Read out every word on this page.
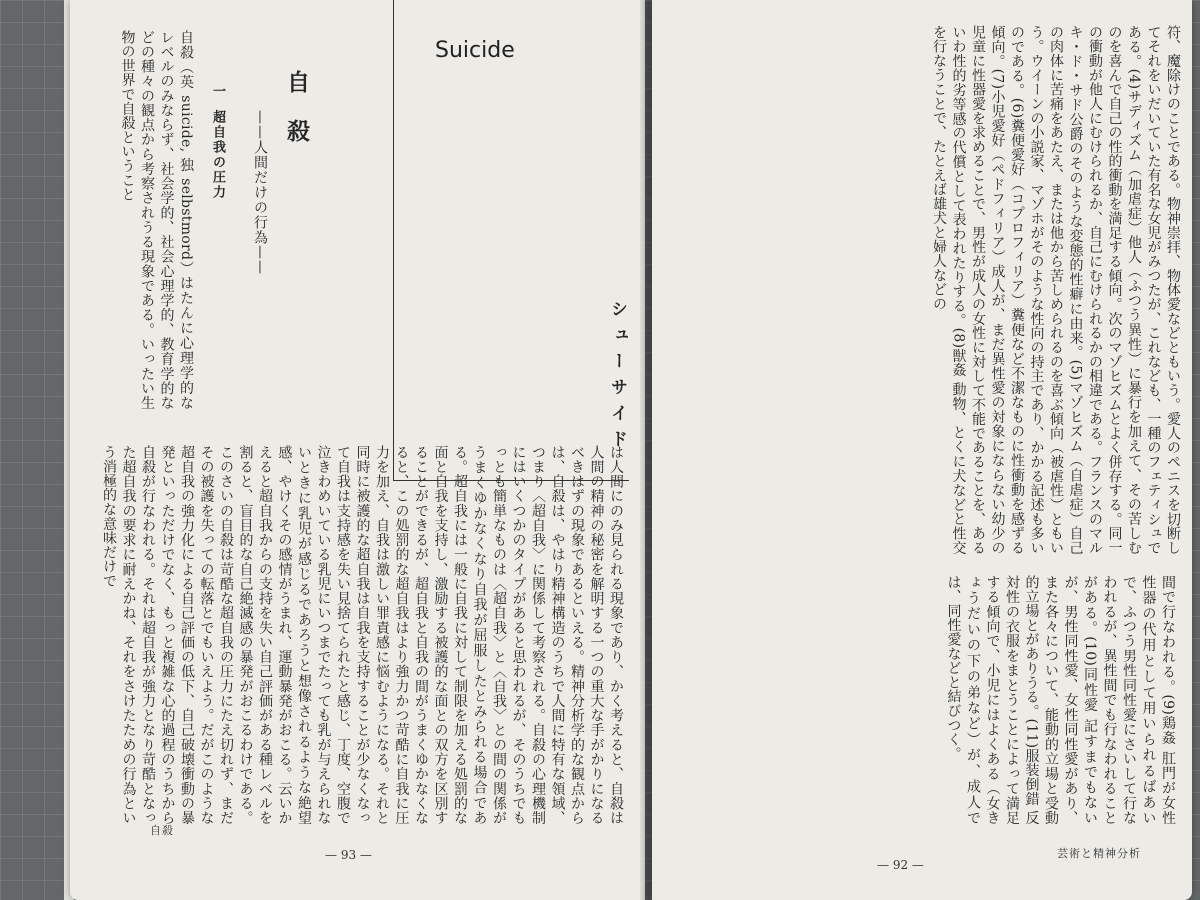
Suicide

自殺
——人間だけの行為——
シューサイド
一
超自我の圧力
自殺（英 suicide, 独 selbstmord）はたんに心理学的なレベルのみならず、社会学的、社会心理学的、教育学的などの種々の観点から考察されうる現象である。いったい生物の世界で自殺ということ
は人間にのみ見られる現象であり、かく考えると、自殺は人間の精神の秘密を解明する一つの重大な手がかりになるべきはずの現象であるといえる。精神分析学的な観点からは、自殺は、やはり精神構造のうちで人間に特有な領域、つまり〈超自我〉に関係して考察される。自殺の心理機制にはいくつかのタイプがあると思われるが、そのうちでもっとも簡単なものは〈超自我〉と〈自我〉との間の関係がうまくゆかなくなり自我が屈服したとみられる場合である。超自我には一般に自我に対して制限を加える処罰的な面と自我を支持し、激励する被護的な面との双方を区別することができるが、超自我と自我の間がうまくゆかなくなると、この処罰的な超自我はより強力かつ苛酷に自我に圧力を加え、自我は激しい罪責感に悩むようになる。それと同時に被護的な超自我は自我を支持することが少なくなって自我は支持感を失い見捨てられたと感じ、丁度、空腹で泣きわめいている乳児にいつまでたっても乳が与えられないときに乳児が感じるであろうと想像されるような絶望感、やけくその感情がうまれ、運動暴発がおこる。云いかえると超自我からの支持を失い自己評価がある種レベルを割ると、盲目的な自己絶滅感の暴発がおこるわけである。このさいの自殺は苛酷な超自我の圧力にたえ切れず、まだその被護を失っての転落とでもいえよう。だがこのような超自我の強力化による自己評価の低下、自己破壊衝動の暴発といっただけでなく、もっと複雑な心的過程のうちから自殺が行なわれる。それは超自我が強力となり苛酷となった超自我の要求に耐えかね、それをさけたための行為という消極的な意味だけで
自殺
— 93 —
符、魔除けのことである。物神崇拝、物体愛などともいう。愛人のペニスを切断してそれをいだいていた有名な女児がみつたが、これなども、一種のフェティシュである。(4)サディズム（加虐症）他人（ふつう異性）に暴行を加えて、その苦しむのを喜んで自己の性的衝動を満足する傾向。次のマゾヒズムとよく併存する。同一の衝動が他人にむけられるか、自己にむけられるかの相違である。フランスのマルキ・ド・サド公爵のそのような変態的性癖に由来。(5)マゾヒズム（自虐症）自己の肉体に苦痛をあたえ、または他から苦しめられるのを喜ぶ傾向（被虐性）ともいう。ウイーンの小説家、マゾホがそのような性向の持主であり、かかる記述も多いのである。(6)糞便愛好（コプロフィリア）糞便など不潔なものに性衝動を感ずる傾向。(7)小児愛好（ペドフィリア）成人が、まだ異性愛の対象にならない幼少の児童に性器愛を求めることで、男性が成人の女性に対して不能であることを、あるいわ性的劣等感の代償として表われたりする。(8)獣姦 動物、とくに犬などと性交を行なうことで、たとえば雄犬と婦人などの
間で行なわれる。(9)鶏姦 肛門が女性性器の代用として用いられるばあいで、ふつう男性同性愛にさいして行なわれるが、異性間でも行なわれることがある。(10)同性愛 記すまでもないが、男性同性愛、女性同性愛があり、また各々について、能動的立場と受動的立場とがありうる。(11)服装倒錯 反対性の衣服をまとうことによって満足する傾向で、小児にはよくある（女きょうだいの下の弟など）が、成人では、同性愛などと結びつく。
— 92 —
芸術と精神分析
